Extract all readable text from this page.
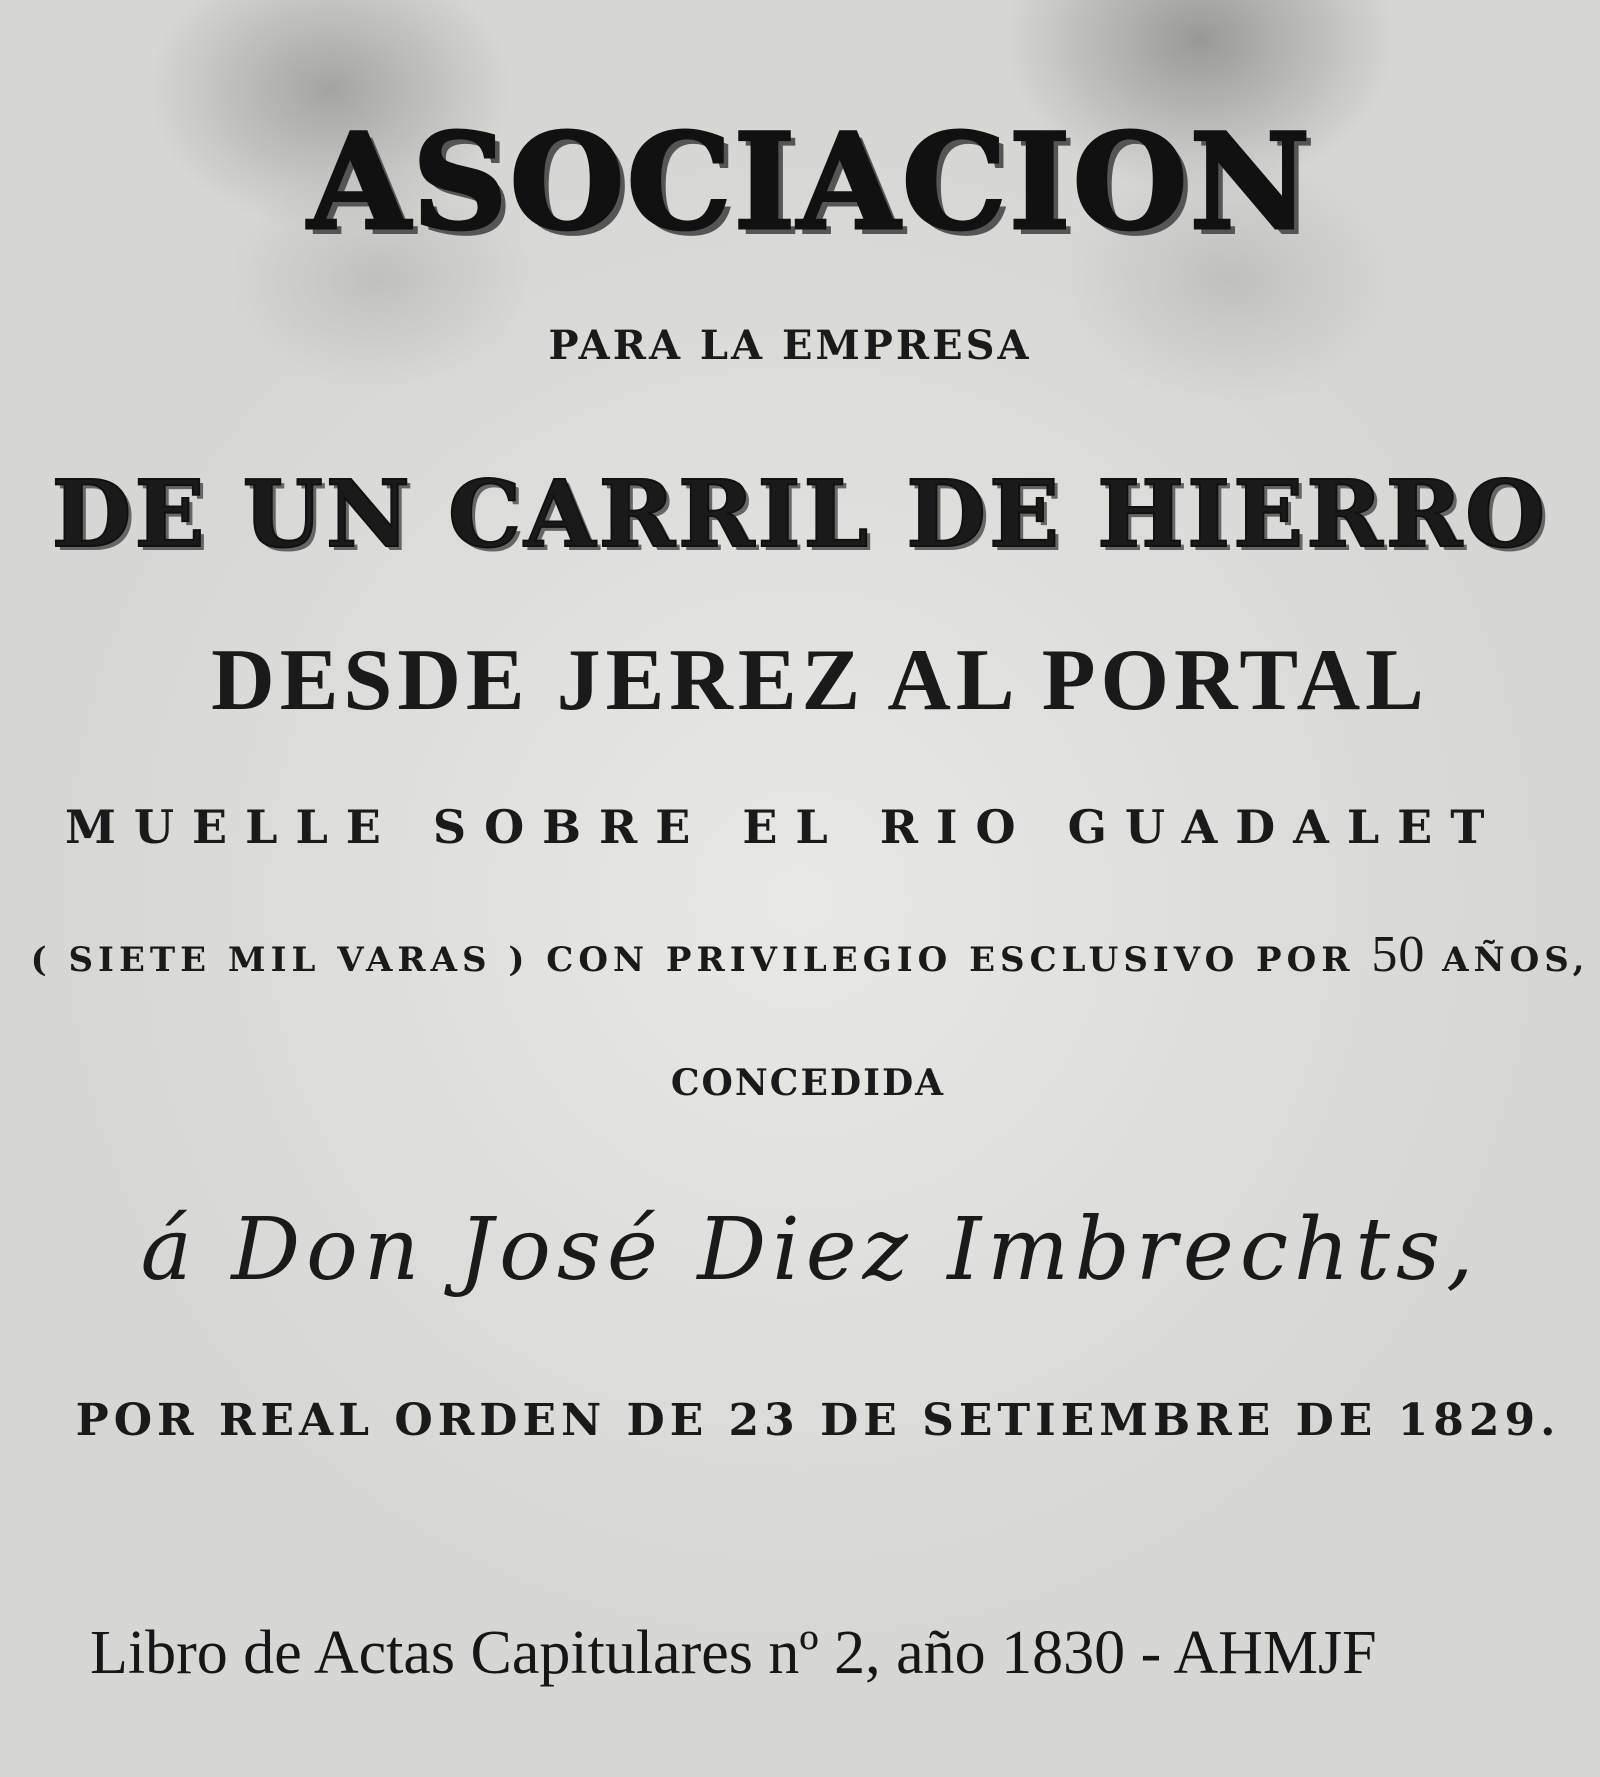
ASOCIACION
PARA LA EMPRESA
DE UN CARRIL DE HIERRO
DESDE JEREZ AL PORTAL
MUELLE SOBRE EL RIO GUADALET
( SIETE MIL VARAS ) CON PRIVILEGIO ESCLUSIVO POR 50 AÑOS,
CONCEDIDA
á Don José Diez Imbrechts,
POR REAL ORDEN DE 23 DE SETIEMBRE DE 1829.
Libro de Actas Capitulares nº 2, año 1830 - AHMJF
